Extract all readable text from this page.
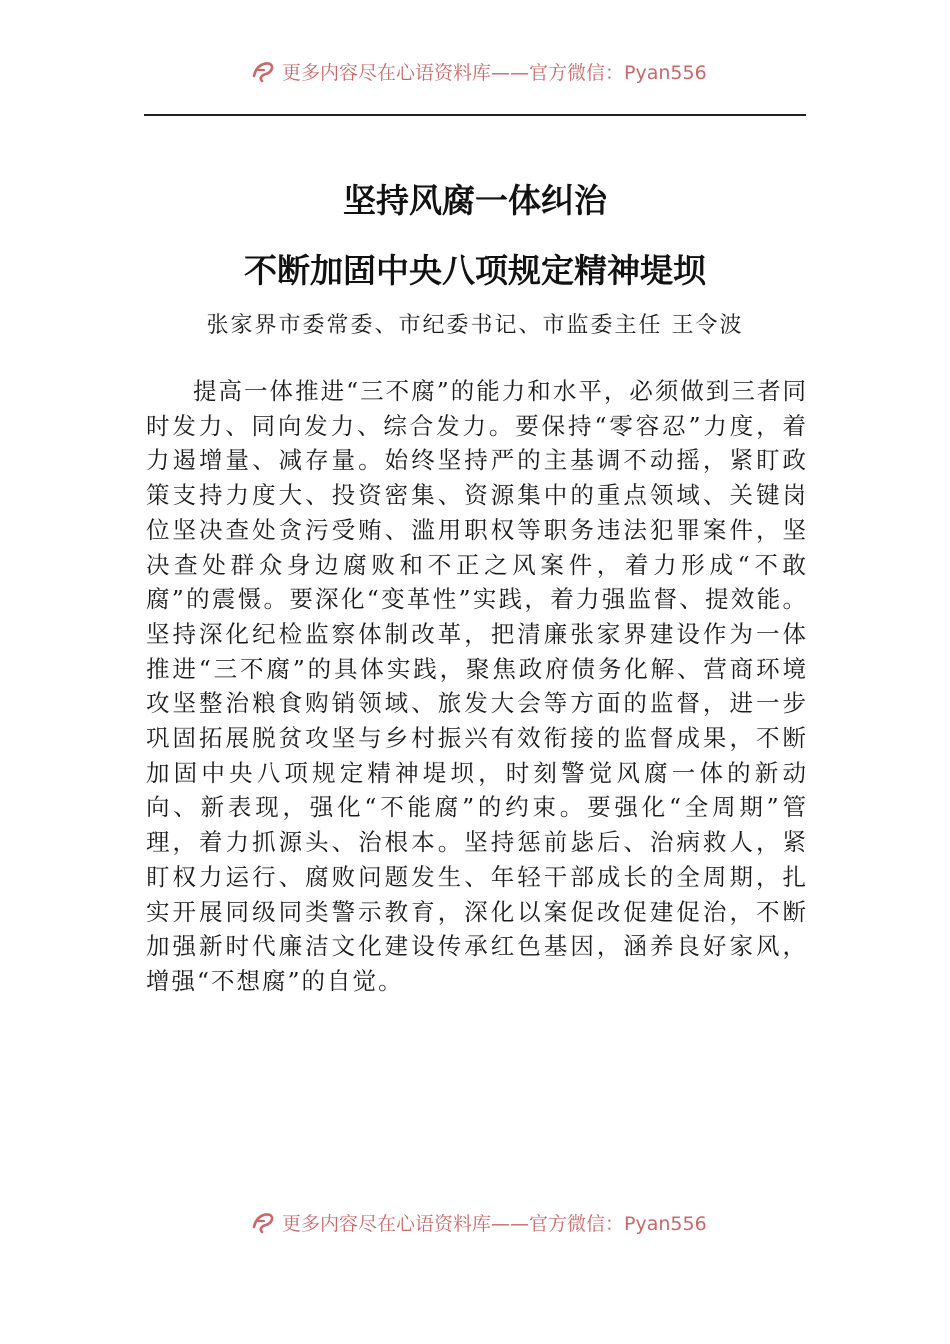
更多内容尽在心语资料库——官方微信：Pyan556
坚持风腐一体纠治
不断加固中央八项规定精神堤坝
张家界市委常委、市纪委书记、市监委主任 王令波

提高一体推进“三不腐”的能力和水平，必须做到三者同时发力、同向发力、综合发力。要保持“零容忍”力度，着力遏增量、减存量。始终坚持严的主基调不动摇，紧盯政策支持力度大、投资密集、资源集中的重点领域、关键岗位坚决查处贪污受贿、滥用职权等职务违法犯罪案件，坚决查处群众身边腐败和不正之风案件，着力形成“不敢腐”的震慑。要深化“变革性”实践，着力强监督、提效能。坚持深化纪检监察体制改革，把清廉张家界建设作为一体推进“三不腐”的具体实践，聚焦政府债务化解、营商环境攻坚整治粮食购销领域、旅发大会等方面的监督，进一步巩固拓展脱贫攻坚与乡村振兴有效衔接的监督成果，不断加固中央八项规定精神堤坝，时刻警觉风腐一体的新动向、新表现，强化“不能腐”的约束。要强化“全周期”管理，着力抓源头、治根本。坚持惩前毖后、治病救人，紧盯权力运行、腐败问题发生、年轻干部成长的全周期，扎实开展同级同类警示教育，深化以案促改促建促治，不断加强新时代廉洁文化建设传承红色基因，涵养良好家风，增强“不想腐”的自觉。

更多内容尽在心语资料库——官方微信：Pyan556
